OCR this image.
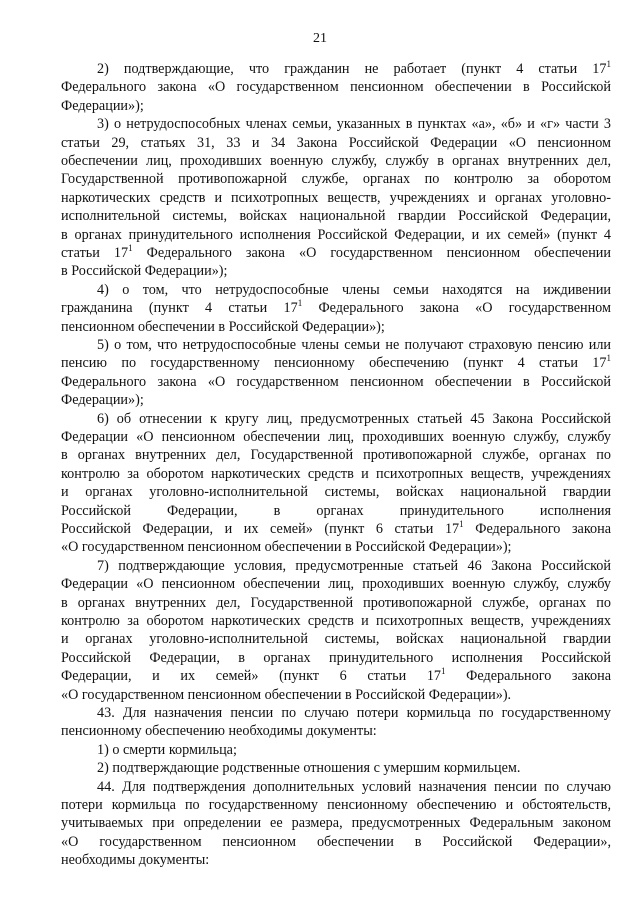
21
2) подтверждающие, что гражданин не работает (пункт 4 статьи $17^1$
Федерального закона «О государственном пенсионном обеспечении в Российской
Федерации»);
3) о нетрудоспособных членах семьи, указанных в пунктах «а», «б» и «г» части 3
статьи 29, статьях 31, 33 и 34 Закона Российской Федерации «О пенсионном
обеспечении лиц, проходивших военную службу, службу в органах внутренних дел,
Государственной противопожарной службе, органах по контролю за оборотом
наркотических средств и психотропных веществ, учреждениях и органах уголовно-
исполнительной системы, войсках национальной гвардии Российской Федерации,
в органах принудительного исполнения Российской Федерации, и их семей» (пункт 4
статьи $17^1$ Федерального закона «О государственном пенсионном обеспечении
в Российской Федерации»);
4) о том, что нетрудоспособные члены семьи находятся на иждивении
гражданина (пункт 4 статьи $17^1$ Федерального закона «О государственном
пенсионном обеспечении в Российской Федерации»);
5) о том, что нетрудоспособные члены семьи не получают страховую пенсию или
пенсию по государственному пенсионному обеспечению (пункт 4 статьи $17^1$
Федерального закона «О государственном пенсионном обеспечении в Российской
Федерации»);
6) об отнесении к кругу лиц, предусмотренных статьей 45 Закона Российской
Федерации «О пенсионном обеспечении лиц, проходивших военную службу, службу
в органах внутренних дел, Государственной противопожарной службе, органах по
контролю за оборотом наркотических средств и психотропных веществ, учреждениях
и органах уголовно-исполнительной системы, войсках национальной гвардии
Российской Федерации, в органах принудительного исполнения
Российской Федерации, и их семей» (пункт 6 статьи $17^1$ Федерального закона
«О государственном пенсионном обеспечении в Российской Федерации»);
7) подтверждающие условия, предусмотренные статьей 46 Закона Российской
Федерации «О пенсионном обеспечении лиц, проходивших военную службу, службу
в органах внутренних дел, Государственной противопожарной службе, органах по
контролю за оборотом наркотических средств и психотропных веществ, учреждениях
и органах уголовно-исполнительной системы, войсках национальной гвардии
Российской Федерации, в органах принудительного исполнения Российской
Федерации, и их семей» (пункт 6 статьи $17^1$ Федерального закона
«О государственном пенсионном обеспечении в Российской Федерации»).
43. Для назначения пенсии по случаю потери кормильца по государственному
пенсионному обеспечению необходимы документы:
1) о смерти кормильца;
2) подтверждающие родственные отношения с умершим кормильцем.
44. Для подтверждения дополнительных условий назначения пенсии по случаю
потери кормильца по государственному пенсионному обеспечению и обстоятельств,
учитываемых при определении ее размера, предусмотренных Федеральным законом
«О государственном пенсионном обеспечении в Российской Федерации»,
необходимы документы:
